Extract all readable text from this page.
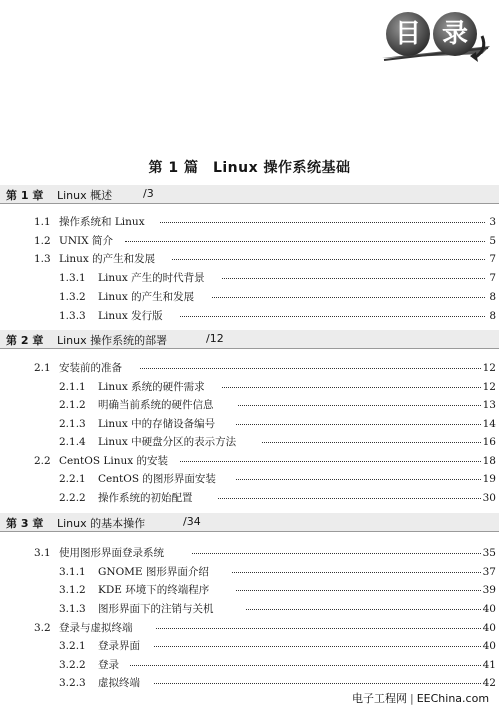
目 录
第 1 篇　Linux 操作系统基础
第 1 章 Linux 概述	/3
1.1 操作系统和 Linux	3
1.2 UNIX 简介	5
1.3 Linux 的产生和发展	7
1.3.1 Linux 产生的时代背景	7
1.3.2 Linux 的产生和发展	8
1.3.3 Linux 发行版	8
第 2 章 Linux 操作系统的部署	/12
2.1 安装前的准备	12
2.1.1 Linux 系统的硬件需求	12
2.1.2 明确当前系统的硬件信息	13
2.1.3 Linux 中的存储设备编号	14
2.1.4 Linux 中硬盘分区的表示方法	16
2.2 CentOS Linux 的安装	18
2.2.1 CentOS 的图形界面安装	19
2.2.2 操作系统的初始配置	30
第 3 章 Linux 的基本操作	/34
3.1 使用图形界面登录系统	35
3.1.1 GNOME 图形界面介绍	37
3.1.2 KDE 环境下的终端程序	39
3.1.3 图形界面下的注销与关机	40
3.2 登录与虚拟终端	40
3.2.1 登录界面	40
3.2.2 登录	41
3.2.3 虚拟终端	42
电子工程网 | EEChina.com
